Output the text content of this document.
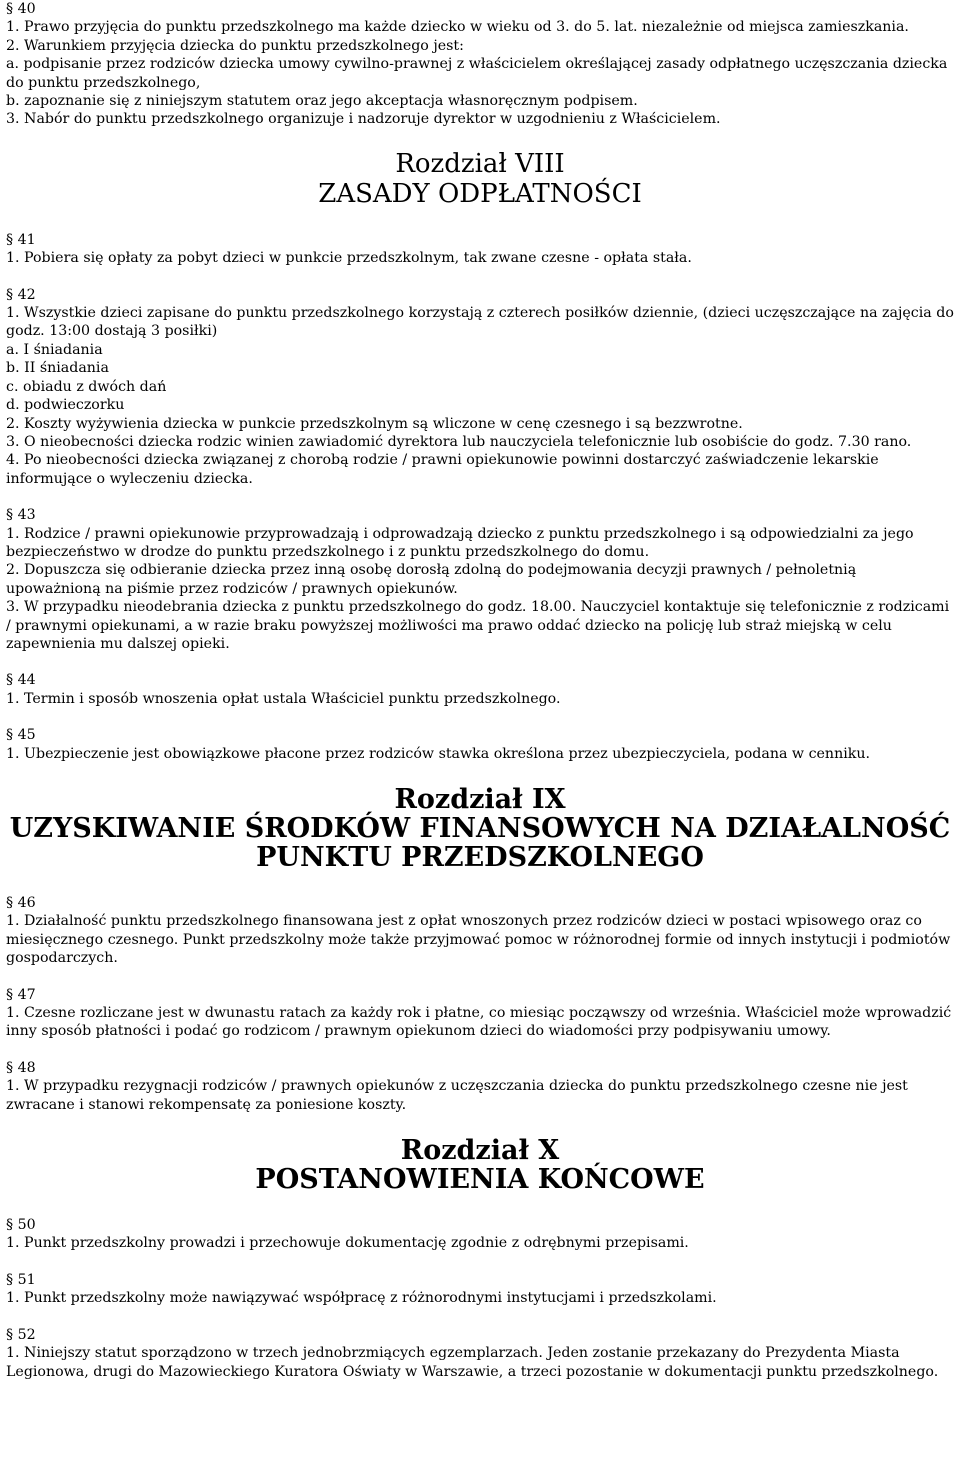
§ 40

1. Prawo przyjęcia do punktu przedszkolnego ma każde dziecko w wieku od 3. do 5. lat. niezależnie od miejsca zamieszkania.

2. Warunkiem przyjęcia dziecka do punktu przedszkolnego jest:

a. podpisanie przez rodziców dziecka umowy cywilno-prawnej z właścicielem określającej zasady odpłatnego uczęszczania dziecka do punktu przedszkolnego,

b. zapoznanie się z niniejszym statutem oraz jego akceptacja własnoręcznym podpisem.

3. Nabór do punktu przedszkolnego organizuje i nadzoruje dyrektor w uzgodnieniu z Właścicielem.

Rozdział VIII

ZASADY ODPŁATNOŚCI

§ 41

1. Pobiera się opłaty za pobyt dzieci w punkcie przedszkolnym, tak zwane czesne - opłata stała.

§ 42

1. Wszystkie dzieci zapisane do punktu przedszkolnego korzystają z czterech posiłków dziennie, (dzieci uczęszczające na zajęcia do godz. 13:00 dostają 3 posiłki)

a. I śniadania

b. II śniadania

c. obiadu z dwóch dań

d. podwieczorku

2. Koszty wyżywienia dziecka w punkcie przedszkolnym są wliczone w cenę czesnego i są bezzwrotne.

3. O nieobecności dziecka rodzic winien zawiadomić dyrektora lub nauczyciela telefonicznie lub osobiście do godz. 7.30 rano.

4. Po nieobecności dziecka związanej z chorobą rodzie / prawni opiekunowie powinni dostarczyć zaświadczenie lekarskie informujące o wyleczeniu dziecka.

§ 43

1. Rodzice / prawni opiekunowie przyprowadzają i odprowadzają dziecko z punktu przedszkolnego i są odpowiedzialni za jego bezpieczeństwo w drodze do punktu przedszkolnego i z punktu przedszkolnego do domu.

2. Dopuszcza się odbieranie dziecka przez inną osobę dorosłą zdolną do podejmowania decyzji prawnych / pełnoletnią upoważnioną na piśmie przez rodziców / prawnych opiekunów.

3. W przypadku nieodebrania dziecka z punktu przedszkolnego do godz. 18.00. Nauczyciel kontaktuje się telefonicznie z rodzicami / prawnymi opiekunami, a w razie braku powyższej możliwości ma prawo oddać dziecko na policję lub straż miejską w celu zapewnienia mu dalszej opieki.

§ 44

1. Termin i sposób wnoszenia opłat ustala Właściciel punktu przedszkolnego.

§ 45

1. Ubezpieczenie jest obowiązkowe płacone przez rodziców stawka określona przez ubezpieczyciela, podana w cenniku.

Rozdział IX

UZYSKIWANIE ŚRODKÓW FINANSOWYCH NA DZIAŁALNOŚĆ

PUNKTU PRZEDSZKOLNEGO

§ 46

1. Działalność punktu przedszkolnego finansowana jest z opłat wnoszonych przez rodziców dzieci w postaci wpisowego oraz co miesięcznego czesnego. Punkt przedszkolny może także przyjmować pomoc w różnorodnej formie od innych instytucji i podmiotów gospodarczych.

§ 47

1. Czesne rozliczane jest w dwunastu ratach za każdy rok i płatne, co miesiąc począwszy od września. Właściciel może wprowadzić inny sposób płatności i podać go rodzicom / prawnym opiekunom dzieci do wiadomości przy podpisywaniu umowy.

§ 48

1. W przypadku rezygnacji rodziców / prawnych opiekunów z uczęszczania dziecka do punktu przedszkolnego czesne nie jest zwracane i stanowi rekompensatę za poniesione koszty.

Rozdział X

POSTANOWIENIA KOŃCOWE

§ 50

1. Punkt przedszkolny prowadzi i przechowuje dokumentację zgodnie z odrębnymi przepisami.

§ 51

1. Punkt przedszkolny może nawiązywać współpracę z różnorodnymi instytucjami i przedszkolami.

§ 52

1. Niniejszy statut sporządzono w trzech jednobrzmiących egzemplarzach. Jeden zostanie przekazany do Prezydenta Miasta Legionowa, drugi do Mazowieckiego Kuratora Oświaty w Warszawie, a trzeci pozostanie w dokumentacji punktu przedszkolnego.
